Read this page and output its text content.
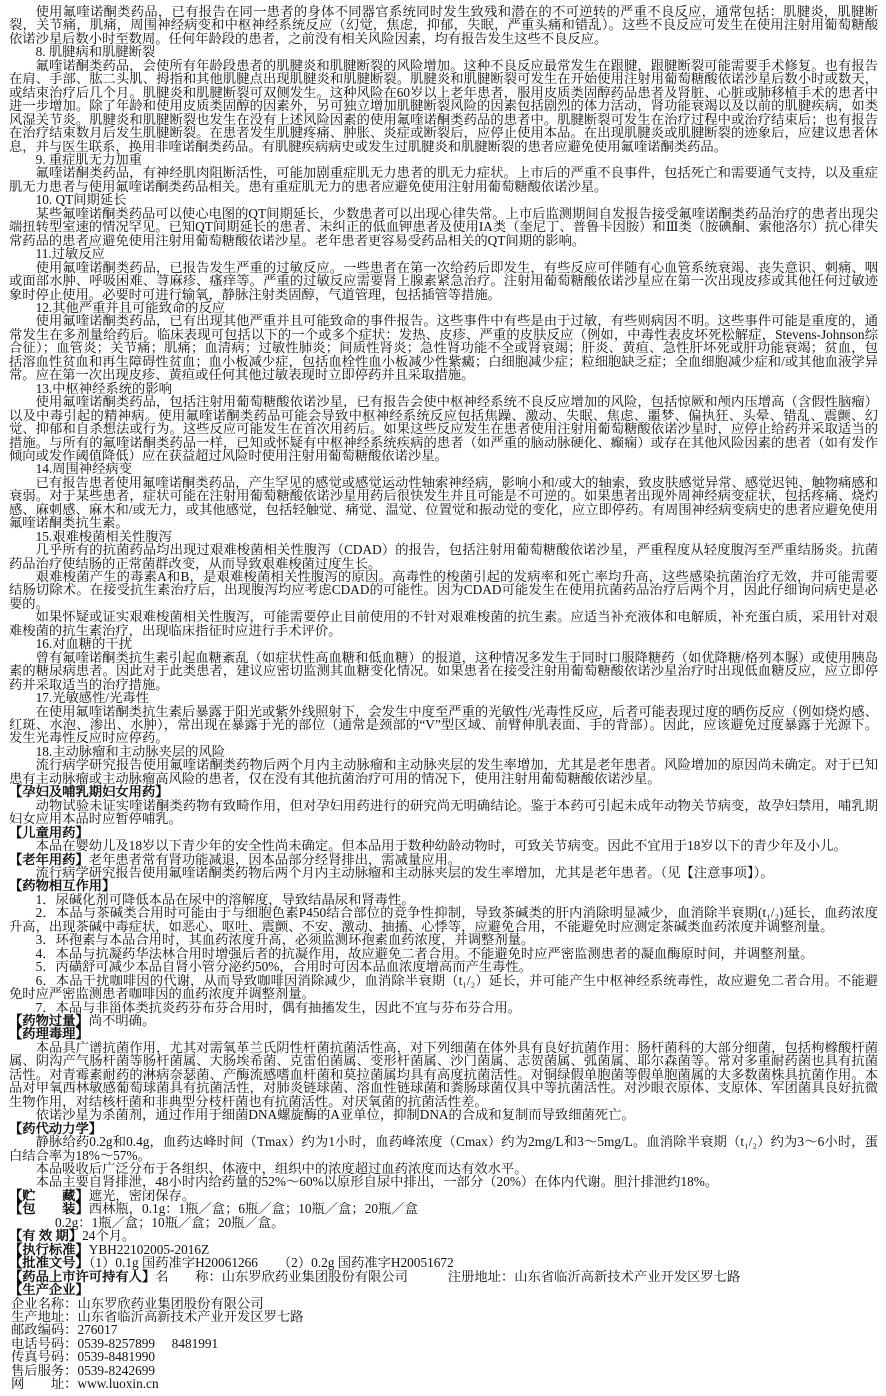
使用氟喹诺酮类药品，已有报告在同一患者的身体不同器官系统同时发生致残和潜在的不可逆转的严重不良反应，通常包括：肌腱炎，肌腱断裂，关节痛，肌痛，周围神经病变和中枢神经系统反应（幻觉，焦虑，抑郁，失眠，严重头痛和错乱）。这些不良反应可发生在使用注射用葡萄糖酸依诺沙星后数小时至数周。任何年龄段的患者，之前没有相关风险因素，均有报告发生这些不良反应。
8. 肌腱病和肌腱断裂
氟喹诺酮类药品，会使所有年龄段患者的肌腱炎和肌腱断裂的风险增加。这种不良反应最常发生在跟腱，跟腱断裂可能需要手术修复。也有报告在肩、手部、肱二头肌、拇指和其他肌腱点出现肌腱炎和肌腱断裂。肌腱炎和肌腱断裂可发生在开始使用注射用葡萄糖酸依诺沙星后数小时或数天，或结束治疗后几个月。肌腱炎和肌腱断裂可双侧发生。这种风险在60岁以上老年患者，服用皮质类固醇药品患者及肾脏、心脏或肺移植手术的患者中进一步增加。除了年龄和使用皮质类固醇的因素外，另可独立增加肌腱断裂风险的因素包括剧烈的体力活动，肾功能衰竭以及以前的肌腱疾病，如类风湿关节炎。肌腱炎和肌腱断裂也发生在没有上述风险因素的使用氟喹诺酮类药品的患者中。肌腱断裂可发生在治疗过程中或治疗结束后；也有报告在治疗结束数月后发生肌腱断裂。在患者发生肌腱疼痛、肿胀、炎症或断裂后，应停止使用本品。在出现肌腱炎或肌腱断裂的迹象后，应建议患者休息，并与医生联系，换用非喹诺酮类药品。有肌腱疾病病史或发生过肌腱炎和肌腱断裂的患者应避免使用氟喹诺酮类药品。
9. 重症肌无力加重
氟喹诺酮类药品，有神经肌肉阻断活性，可能加剧重症肌无力患者的肌无力症状。上市后的严重不良事件，包括死亡和需要通气支持，以及重症肌无力患者与使用氟喹诺酮类药品相关。患有重症肌无力的患者应避免使用注射用葡萄糖酸依诺沙星。
10. QT间期延长
某些氟喹诺酮类药品可以使心电图的QT间期延长，少数患者可以出现心律失常。上市后监测期间自发报告接受氟喹诺酮类药品治疗的患者出现尖端扭转型室速的情况罕见。已知QT间期延长的患者、未纠正的低血钾患者及使用IA类（奎尼丁、普鲁卡因胺）和Ⅲ类（胺碘酮、索他洛尔）抗心律失常药品的患者应避免使用注射用葡萄糖酸依诺沙星。老年患者更容易受药品相关的QT间期的影响。
11.过敏反应
使用氟喹诺酮类药品，已报告发生严重的过敏反应。一些患者在第一次给药后即发生，有些反应可伴随有心血管系统衰竭、丧失意识、刺痛、咽或面部水肿、呼吸困难、荨麻疹、瘙痒等。严重的过敏反应需要肾上腺素紧急治疗。注射用葡萄糖酸依诺沙星应在第一次出现皮疹或其他任何过敏迹象时停止使用。必要时可进行输氧，静脉注射类固醇，气道管理，包括插管等措施。
12.其他严重并且可能致命的反应
使用氟喹诺酮类药品，已有出现其他严重并且可能致命的事件报告。这些事件中有些是由于过敏，有些则病因不明。这些事件可能是重度的，通常发生在多剂量给药后。临床表现可包括以下的一个或多个症状：发热、皮疹、严重的皮肤反应（例如，中毒性表皮坏死松解症，Stevens-Johnson综合征）；血管炎；关节痛；肌痛；血清病；过敏性肺炎；间质性肾炎；急性肾功能不全或肾衰竭；肝炎、黄疸、急性肝坏死或肝功能衰竭；贫血，包括溶血性贫血和再生障碍性贫血；血小板减少症，包括血栓性血小板减少性紫癜；白细胞减少症；粒细胞缺乏症；全血细胞减少症和/或其他血液学异常。应在第一次出现皮疹、黄疸或任何其他过敏表现时立即停药并且采取措施。
13.中枢神经系统的影响
使用氟喹诺酮类药品，包括注射用葡萄糖酸依诺沙星，已有报告会使中枢神经系统不良反应增加的风险，包括惊厥和颅内压增高（含假性脑瘤）以及中毒引起的精神病。使用氟喹诺酮类药品可能会导致中枢神经系统反应包括焦躁、激动、失眠、焦虑、噩梦、偏执狂、头晕、错乱、震颤、幻觉、抑郁和自杀想法或行为。这些反应可能发生在首次用药后。如果这些反应发生在患者使用注射用葡萄糖酸依诺沙星时，应停止给药并采取适当的措施。与所有的氟喹诺酮类药品一样，已知或怀疑有中枢神经系统疾病的患者（如严重的脑动脉硬化、癫痫）或存在其他风险因素的患者（如有发作倾向或发作阈值降低）应在获益超过风险时使用注射用葡萄糖酸依诺沙星。
14.周围神经病变
已有报告患者使用氟喹诺酮类药品，产生罕见的感觉或感觉运动性轴索神经病，影响小和/或大的轴索，致皮肤感觉异常、感觉迟钝、触物痛感和衰弱。对于某些患者，症状可能在注射用葡萄糖酸依诺沙星用药后很快发生并且可能是不可逆的。如果患者出现外周神经病变症状，包括疼痛、烧灼感、麻刺感、麻木和/或无力，或其他感觉，包括轻触觉、痛觉、温觉、位置觉和振动觉的变化，应立即停药。有周围神经病变病史的患者应避免使用氟喹诺酮类抗生素。
15.艰难梭菌相关性腹泻
几乎所有的抗菌药品均出现过艰难梭菌相关性腹泻（CDAD）的报告，包括注射用葡萄糖酸依诺沙星，严重程度从轻度腹泻至严重结肠炎。抗菌药品治疗使结肠的正常菌群改变，从而导致艰难梭菌过度生长。
艰难梭菌产生的毒素A和B，是艰难梭菌相关性腹泻的原因。高毒性的梭菌引起的发病率和死亡率均升高，这些感染抗菌治疗无效，并可能需要结肠切除术。在接受抗生素治疗后，出现腹泻均应考虑CDAD的可能性。因为CDAD可能发生在使用抗菌药品治疗后两个月，因此仔细询问病史是必要的。
如果怀疑或证实艰难梭菌相关性腹泻，可能需要停止目前使用的不针对艰难梭菌的抗生素。应适当补充液体和电解质，补充蛋白质，采用针对艰难梭菌的抗生素治疗，出现临床指征时应进行手术评价。
16.对血糖的干扰
曾有氟喹诺酮类抗生素引起血糖紊乱（如症状性高血糖和低血糖）的报道，这种情况多发生于同时口服降糖药（如优降糖/格列本脲）或使用胰岛素的糖尿病患者。因此对于此类患者，建议应密切监测其血糖变化情况。如果患者在接受注射用葡萄糖酸依诺沙星治疗时出现低血糖反应，应立即停药并采取适当的治疗措施。
17.光敏感性/光毒性
在使用氟喹诺酮类抗生素后暴露于阳光或紫外线照射下，会发生中度至严重的光敏性/光毒性反应，后者可能表现过度的晒伤反应（例如烧灼感、红斑、水泡、渗出、水肿），常出现在暴露于光的部位（通常是颈部的“V”型区域、前臂伸肌表面、手的背部）。因此，应该避免过度暴露于光源下。发生光毒性反应时应停药。
18.主动脉瘤和主动脉夹层的风险
流行病学研究报告使用氟喹诺酮类药物后两个月内主动脉瘤和主动脉夹层的发生率增加，尤其是老年患者。风险增加的原因尚未确定。对于已知患有主动脉瘤或主动脉瘤高风险的患者，仅在没有其他抗菌治疗可用的情况下，使用注射用葡萄糖酸依诺沙星。
【孕妇及哺乳期妇女用药】
动物试验未证实喹诺酮类药物有致畸作用，但对孕妇用药进行的研究尚无明确结论。鉴于本药可引起未成年动物关节病变，故孕妇禁用，哺乳期妇女应用本品时应暂停哺乳。
【儿童用药】
本品在婴幼儿及18岁以下青少年的安全性尚未确定。但本品用于数种幼龄动物时，可致关节病变。因此不宜用于18岁以下的青少年及小儿。
【老年用药】老年患者常有肾功能减退，因本品部分经肾排出，需减量应用。
流行病学研究报告使用氟喹诺酮类药物后两个月内主动脉瘤和主动脉夹层的发生率增加，尤其是老年患者。（见【注意事项】）。
【药物相互作用】
1．尿碱化剂可降低本品在尿中的溶解度，导致结晶尿和肾毒性。
2．本品与茶碱类合用时可能由于与细胞色素P450结合部位的竞争性抑制，导致茶碱类的肝内消除明显减少，血消除半衰期(t₁/₂)延长，血药浓度升高，出现茶碱中毒症状，如恶心、呕吐、震颤、不安、激动、抽搐、心悸等，应避免合用，不能避免时应测定茶碱类血药浓度并调整剂量。
3．环孢素与本品合用时，其血药浓度升高，必须监测环孢素血药浓度，并调整剂量。
4．本品与抗凝药华法林合用时增强后者的抗凝作用，故应避免二者合用。不能避免时应严密监测患者的凝血酶原时间，并调整剂量。
5．丙磺舒可减少本品自肾小管分泌约50%，合用时可因本品血浓度增高而产生毒性。
6．本品干扰咖啡因的代谢，从而导致咖啡因消除减少，血消除半衰期（t₁/₂）延长，并可能产生中枢神经系统毒性，故应避免二者合用。不能避免时应严密监测患者咖啡因的血药浓度并调整剂量。
7．本品与非甾体类抗炎药芬布芬合用时，偶有抽搐发生，因此不宜与芬布芬合用。
【药物过量】尚不明确。
【药理毒理】
本品具广谱抗菌作用，尤其对需氧革兰氏阴性杆菌抗菌活性高，对下列细菌在体外具有良好抗菌作用：肠杆菌科的大部分细菌，包括枸橼酸杆菌属、阴沟产气肠杆菌等肠杆菌属、大肠埃希菌、克雷伯菌属、变形杆菌属、沙门菌属、志贺菌属、弧菌属、耶尔森菌等。常对多重耐药菌也具有抗菌活性。对青霉素耐药的淋病奈瑟菌、产酶流感嗜血杆菌和莫拉菌属均具有高度抗菌活性。对铜绿假单胞菌等假单胞菌属的大多数菌株具抗菌作用。本品对甲氧西林敏感葡萄球菌具有抗菌活性，对肺炎链球菌、溶血性链球菌和粪肠球菌仅具中等抗菌活性。对沙眼衣原体、支原体、军团菌具良好抗微生物作用，对结核杆菌和非典型分枝杆菌也有抗菌活性。对厌氧菌的抗菌活性差。
依诺沙星为杀菌剂，通过作用于细菌DNA螺旋酶的A亚单位，抑制DNA的合成和复制而导致细菌死亡。
【药代动力学】
静脉给药0.2g和0.4g，血药达峰时间（Tmax）约为1小时，血药峰浓度（Cmax）约为2mg/L和3～5mg/L。血消除半衰期（t₁/₂）约为3～6小时，蛋白结合率为18%～57%。
本品吸收后广泛分布于各组织、体液中，组织中的浓度超过血药浓度而达有效水平。
本品主要自肾排泄，48小时内给药量的52%～60%以原形自尿中排出，一部分（20%）在体内代谢。胆汁排泄约18%。
【贮　　藏】遮光，密闭保存。
【包　　装】西林瓶，0.1g：1瓶／盒；6瓶／盒；10瓶／盒；20瓶／盒
0.2g：1瓶／盒；10瓶／盒；20瓶／盒。
【有 效 期】24个月。
【执行标准】YBH22102005-2016Z
【批准文号】（1）0.1g 国药准字H20061266　　（2）0.2g 国药准字H20051672
【药品上市许可持有人】名　　称：山东罗欣药业集团股份有限公司　　　注册地址：山东省临沂高新技术产业开发区罗七路
【生产企业】
企业名称：山东罗欣药业集团股份有限公司
生产地址：山东省临沂高新技术产业开发区罗七路
邮政编码：276017
电话号码：0539-8257899　 8481991
传真号码：0539-8481990
售后服务：0539-8242699
网　　址：www.luoxin.cn
